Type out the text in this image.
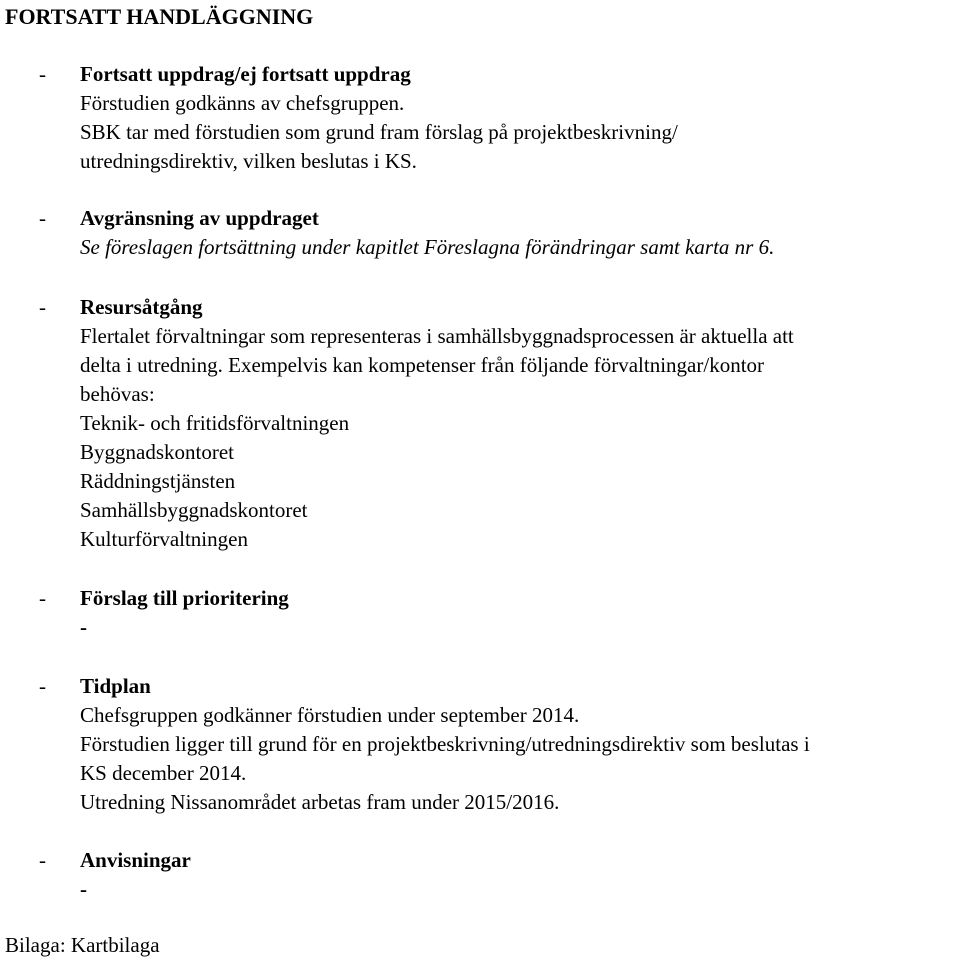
FORTSATT HANDLÄGGNING
-	Fortsatt uppdrag/ej fortsatt uppdrag
Förstudien godkänns av chefsgruppen.
SBK tar med förstudien som grund fram förslag på projektbeskrivning/
utredningsdirektiv, vilken beslutas i KS.
-	Avgränsning av uppdraget
Se föreslagen fortsättning under kapitlet Föreslagna förändringar samt karta nr 6.
-	Resursåtgång
Flertalet förvaltningar som representeras i samhällsbyggnadsprocessen är aktuella att
delta i utredning. Exempelvis kan kompetenser från följande förvaltningar/kontor
behövas:
Teknik- och fritidsförvaltningen
Byggnadskontoret
Räddningstjänsten
Samhällsbyggnadskontoret
Kulturförvaltningen
-	Förslag till prioritering
-
-	Tidplan
Chefsgruppen godkänner förstudien under september 2014.
Förstudien ligger till grund för en projektbeskrivning/utredningsdirektiv som beslutas i
KS december 2014.
Utredning Nissanområdet arbetas fram under 2015/2016.
-	Anvisningar
-
Bilaga: Kartbilaga
